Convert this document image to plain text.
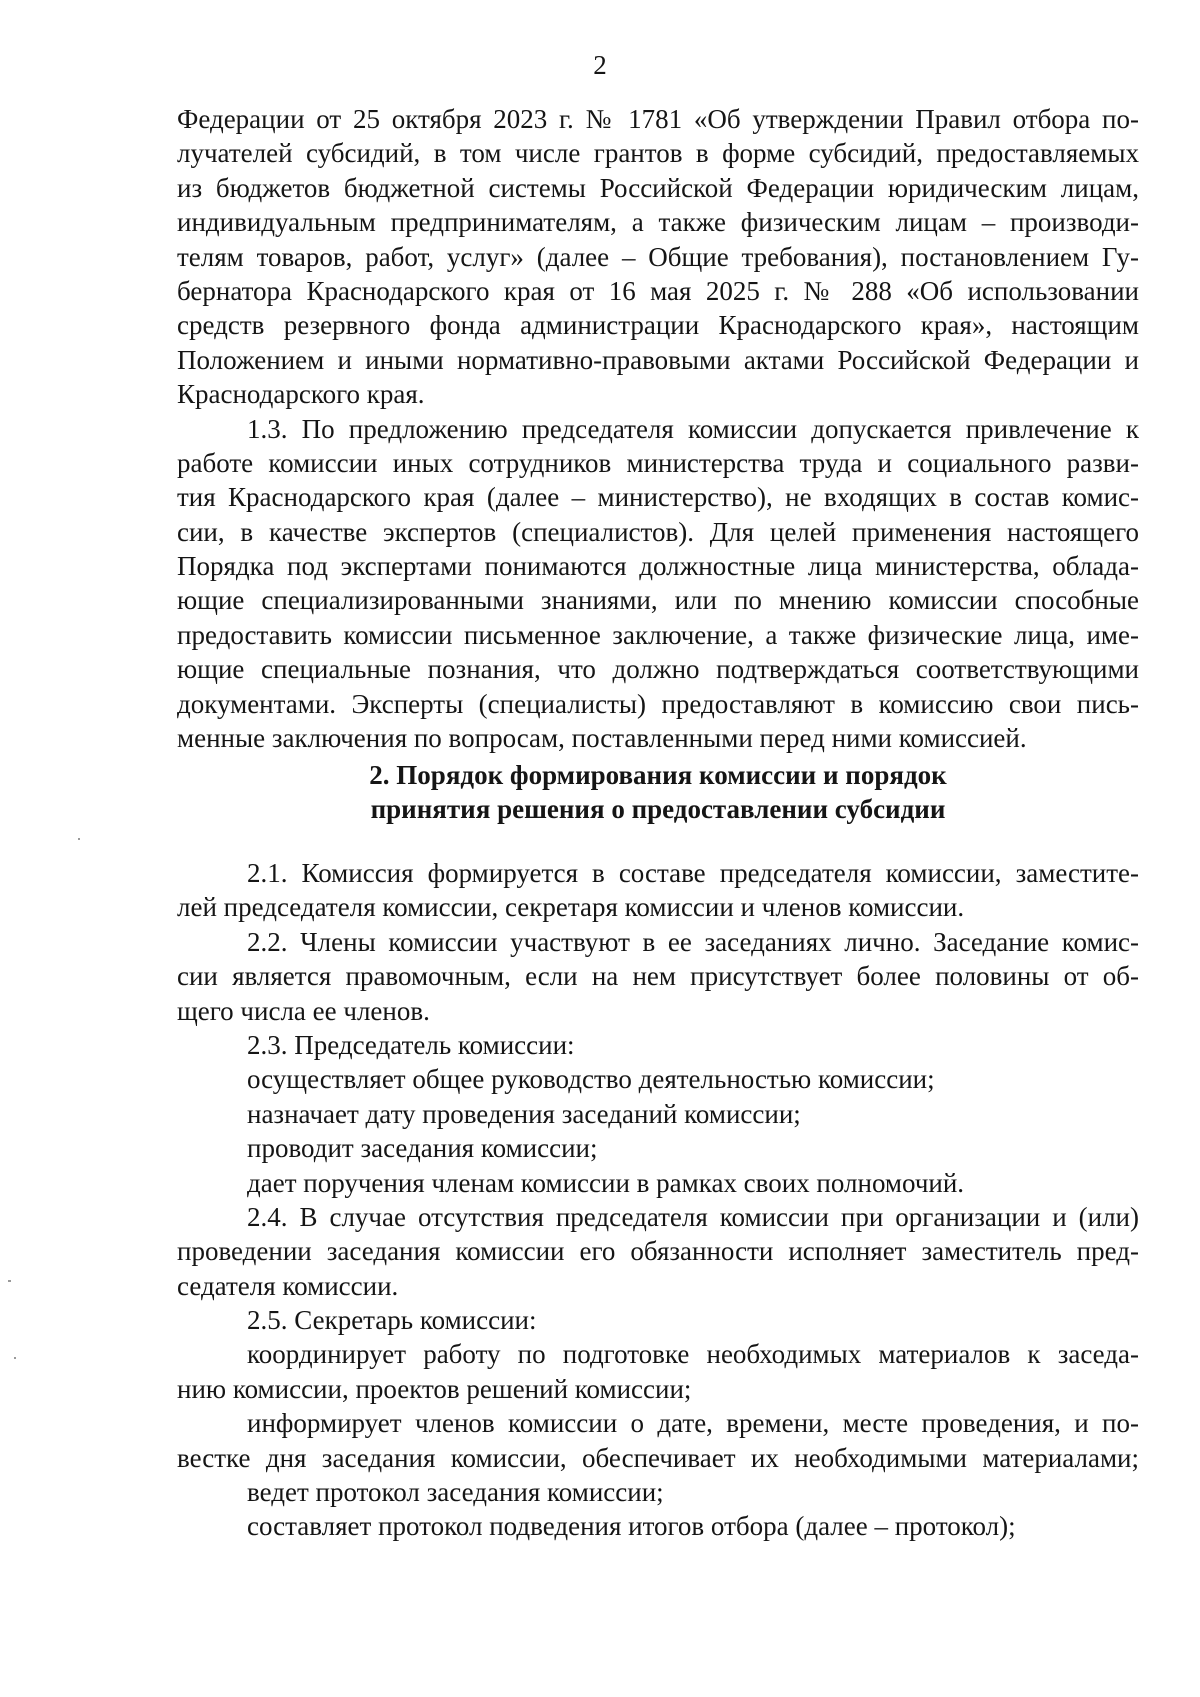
2
Федерации от 25 октября 2023 г. № 1781 «Об утверждении Правил отбора по-
лучателей субсидий, в том числе грантов в форме субсидий, предоставляемых
из бюджетов бюджетной системы Российской Федерации юридическим лицам,
индивидуальным предпринимателям, а также физическим лицам – производи-
телям товаров, работ, услуг» (далее – Общие требования), постановлением Гу-
бернатора Краснодарского края от 16 мая 2025 г. № 288 «Об использовании
средств резервного фонда администрации Краснодарского края», настоящим
Положением и иными нормативно-правовыми актами Российской Федерации и
Краснодарского края.
1.3. По предложению председателя комиссии допускается привлечение к
работе комиссии иных сотрудников министерства труда и социального разви-
тия Краснодарского края (далее – министерство), не входящих в состав комис-
сии, в качестве экспертов (специалистов). Для целей применения настоящего
Порядка под экспертами понимаются должностные лица министерства, облада-
ющие специализированными знаниями, или по мнению комиссии способные
предоставить комиссии письменное заключение, а также физические лица, име-
ющие специальные познания, что должно подтверждаться соответствующими
документами. Эксперты (специалисты) предоставляют в комиссию свои пись-
менные заключения по вопросам, поставленными перед ними комиссией.
2. Порядок формирования комиссии и порядок
принятия решения о предоставлении субсидии
2.1. Комиссия формируется в составе председателя комиссии, заместите-
лей председателя комиссии, секретаря комиссии и членов комиссии.
2.2. Члены комиссии участвуют в ее заседаниях лично. Заседание комис-
сии является правомочным, если на нем присутствует более половины от об-
щего числа ее членов.
2.3. Председатель комиссии:
осуществляет общее руководство деятельностью комиссии;
назначает дату проведения заседаний комиссии;
проводит заседания комиссии;
дает поручения членам комиссии в рамках своих полномочий.
2.4. В случае отсутствия председателя комиссии при организации и (или)
проведении заседания комиссии его обязанности исполняет заместитель пред-
седателя комиссии.
2.5. Секретарь комиссии:
координирует работу по подготовке необходимых материалов к заседа-
нию комиссии, проектов решений комиссии;
информирует членов комиссии о дате, времени, месте проведения, и по-
вестке дня заседания комиссии, обеспечивает их необходимыми материалами;
ведет протокол заседания комиссии;
составляет протокол подведения итогов отбора (далее – протокол);
